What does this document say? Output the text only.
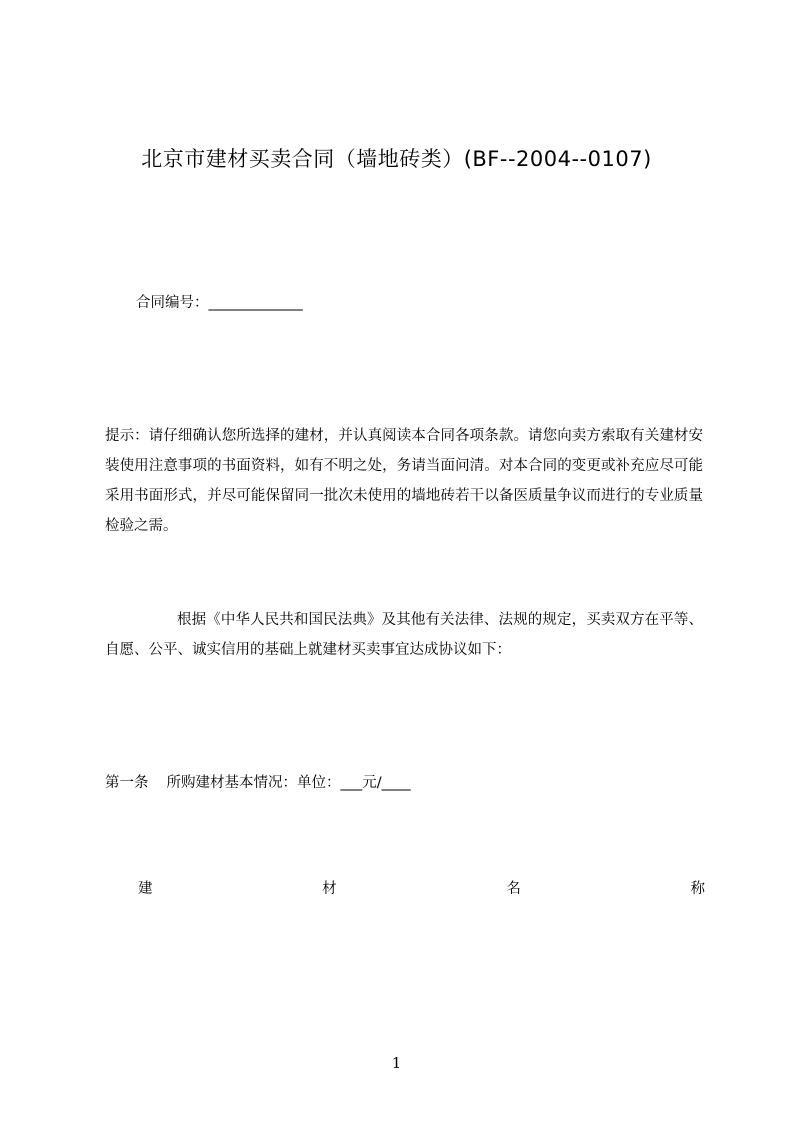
北京市建材买卖合同（墙地砖类）(BF--2004--0107)
合同编号：_____________
提示：请仔细确认您所选择的建材，并认真阅读本合同各项条款。请您向卖方索取有关建材安装使用注意事项的书面资料，如有不明之处，务请当面问清。对本合同的变更或补充应尽可能采用书面形式，并尽可能保留同一批次未使用的墙地砖若干以备医质量争议而进行的专业质量检验之需。
根据《中华人民共和国民法典》及其他有关法律、法规的规定，买卖双方在平等、自愿、公平、诚实信用的基础上就建材买卖事宜达成协议如下：
第一条 所购建材基本情况：单位：___元/____
建	材	名	称
1
